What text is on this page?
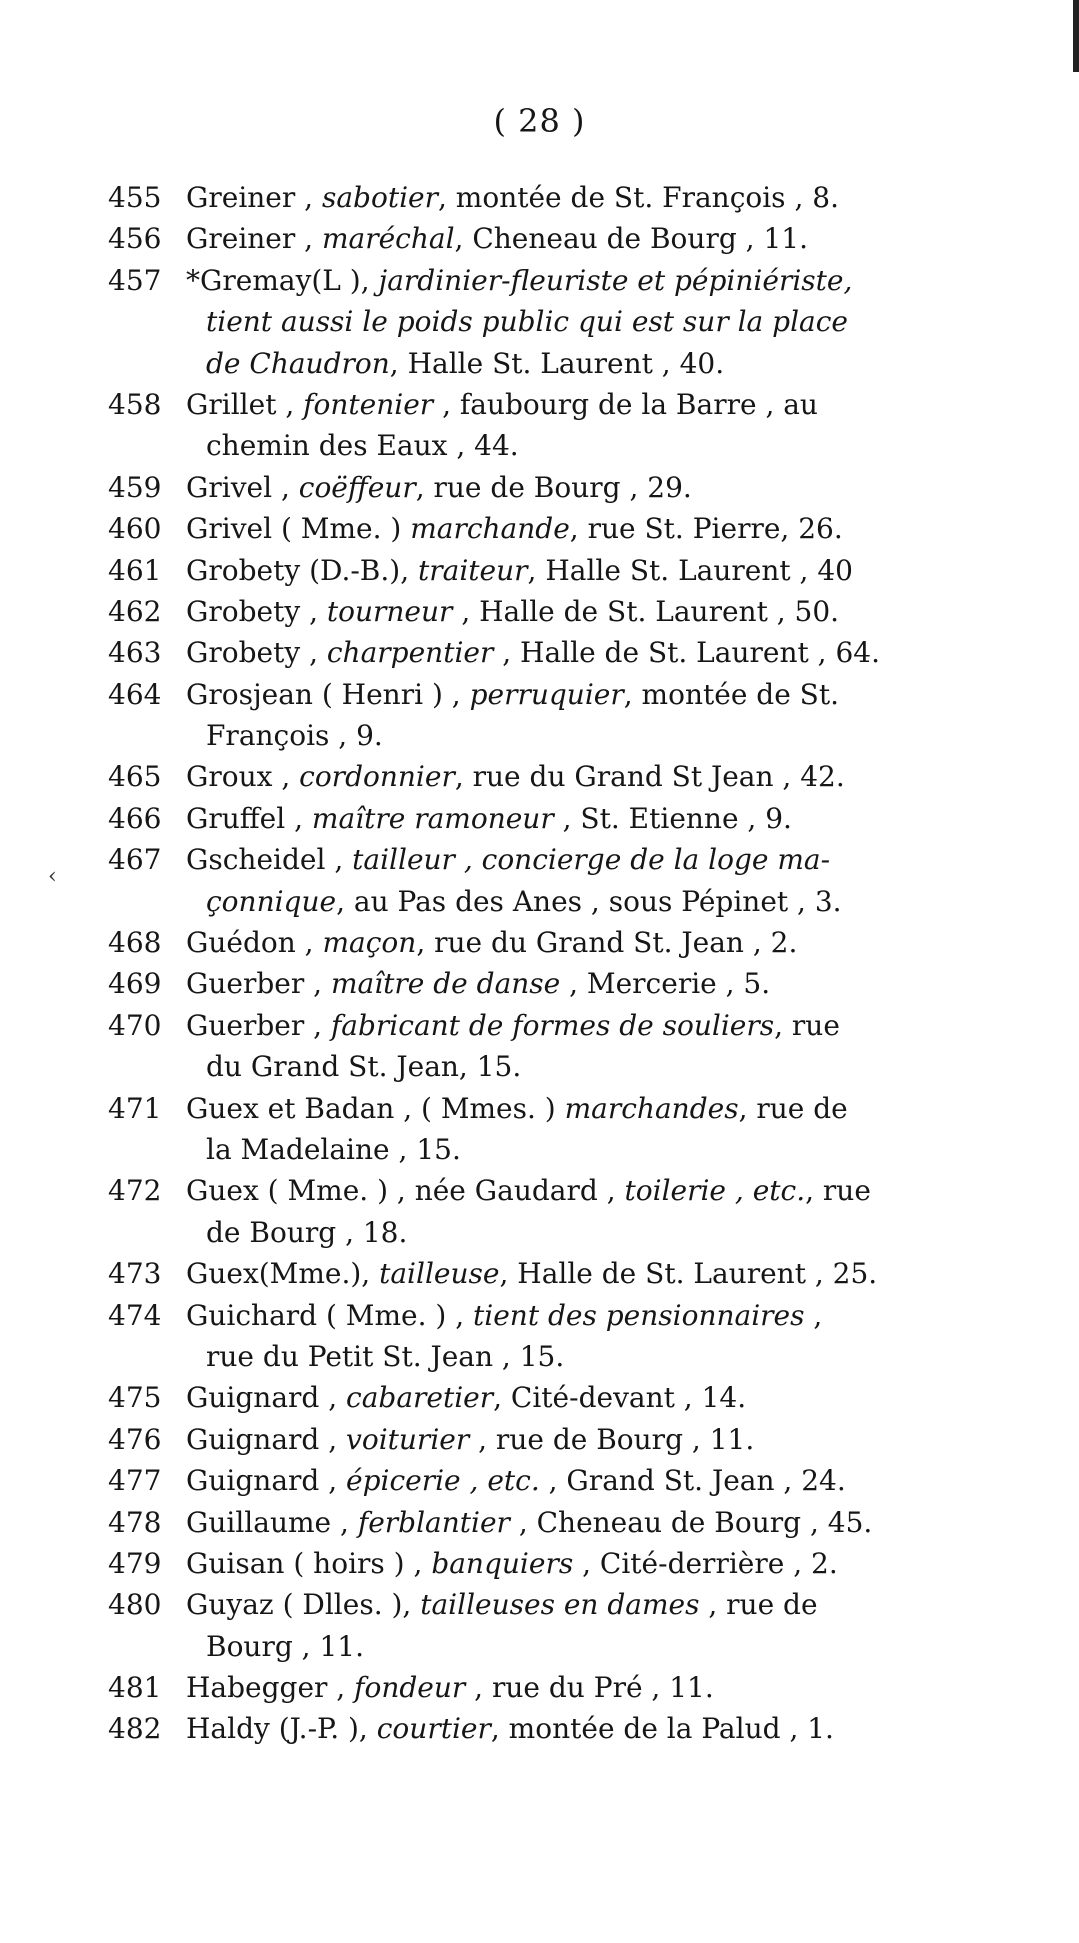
( 28 )
‹
455 Greiner , sabotier, montée de St. François , 8.
456 Greiner , maréchal, Cheneau de Bourg , 11.
457 *Gremay(L ), jardinier-fleuriste et pépiniériste,
tient aussi le poids public qui est sur la place
de Chaudron, Halle St. Laurent , 40.
458 Grillet , fontenier , faubourg de la Barre , au
chemin des Eaux , 44.
459 Grivel , coëffeur, rue de Bourg , 29.
460 Grivel ( Mme. ) marchande, rue St. Pierre, 26.
461 Grobety (D.-B.), traiteur, Halle St. Laurent , 40
462 Grobety , tourneur , Halle de St. Laurent , 50.
463 Grobety , charpentier , Halle de St. Laurent , 64.
464 Grosjean ( Henri ) , perruquier, montée de St.
François , 9.
465 Groux , cordonnier, rue du Grand St Jean , 42.
466 Gruffel , maître ramoneur , St. Etienne , 9.
467 Gscheidel , tailleur , concierge de la loge ma-
çonnique, au Pas des Anes , sous Pépinet , 3.
468 Guédon , maçon, rue du Grand St. Jean , 2.
469 Guerber , maître de danse , Mercerie , 5.
470 Guerber , fabricant de formes de souliers, rue
du Grand St. Jean, 15.
471 Guex et Badan , ( Mmes. ) marchandes, rue de
la Madelaine , 15.
472 Guex ( Mme. ) , née Gaudard , toilerie , etc., rue
de Bourg , 18.
473 Guex(Mme.), tailleuse, Halle de St. Laurent , 25.
474 Guichard ( Mme. ) , tient des pensionnaires ,
rue du Petit St. Jean , 15.
475 Guignard , cabaretier, Cité-devant , 14.
476 Guignard , voiturier , rue de Bourg , 11.
477 Guignard , épicerie , etc. , Grand St. Jean , 24.
478 Guillaume , ferblantier , Cheneau de Bourg , 45.
479 Guisan ( hoirs ) , banquiers , Cité-derrière , 2.
480 Guyaz ( Dlles. ), tailleuses en dames , rue de
Bourg , 11.
481 Habegger , fondeur , rue du Pré , 11.
482 Haldy (J.-P. ), courtier, montée de la Palud , 1.
